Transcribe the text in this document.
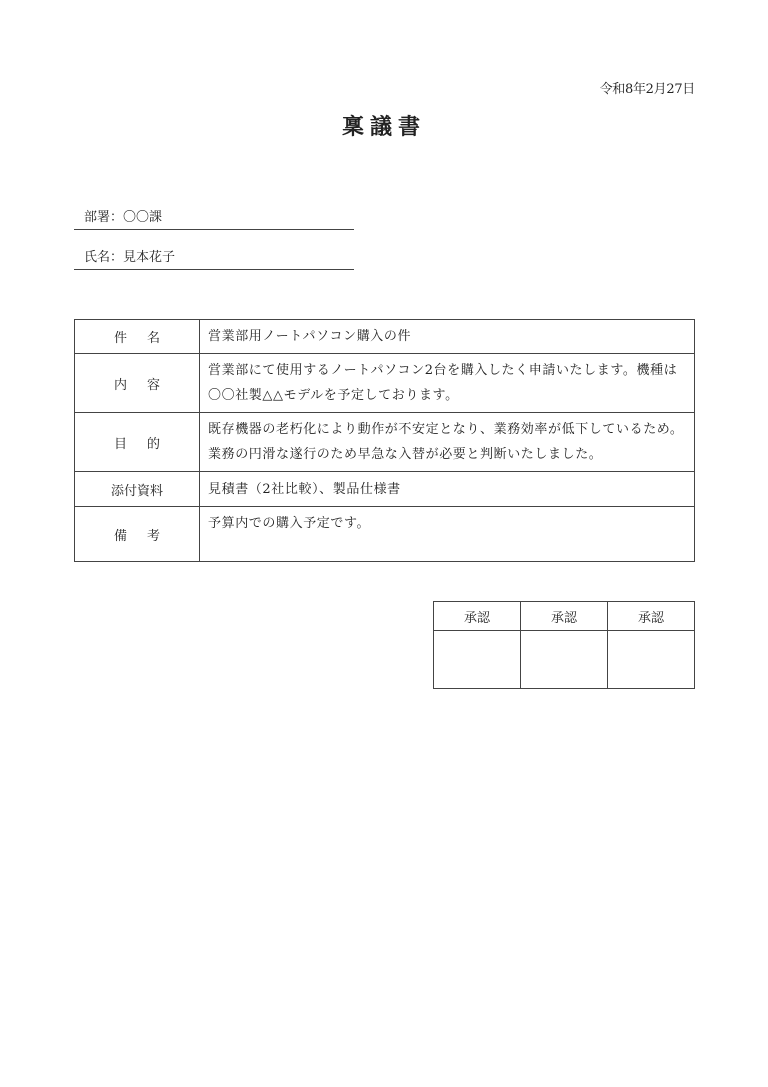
令和8年2月27日
稟議書
部署：〇〇課
氏名：見本花子
件 名	営業部用ノートパソコン購入の件
内 容	営業部にて使用するノートパソコン2台を購入したく申請いたします。機種は〇〇社製△△モデルを予定しております。
目 的	既存機器の老朽化により動作が不安定となり、業務効率が低下しているため。業務の円滑な遂行のため早急な入替が必要と判断いたしました。
添付資料	見積書（2社比較）、製品仕様書
備 考	予算内での購入予定です。
承認	承認	承認
